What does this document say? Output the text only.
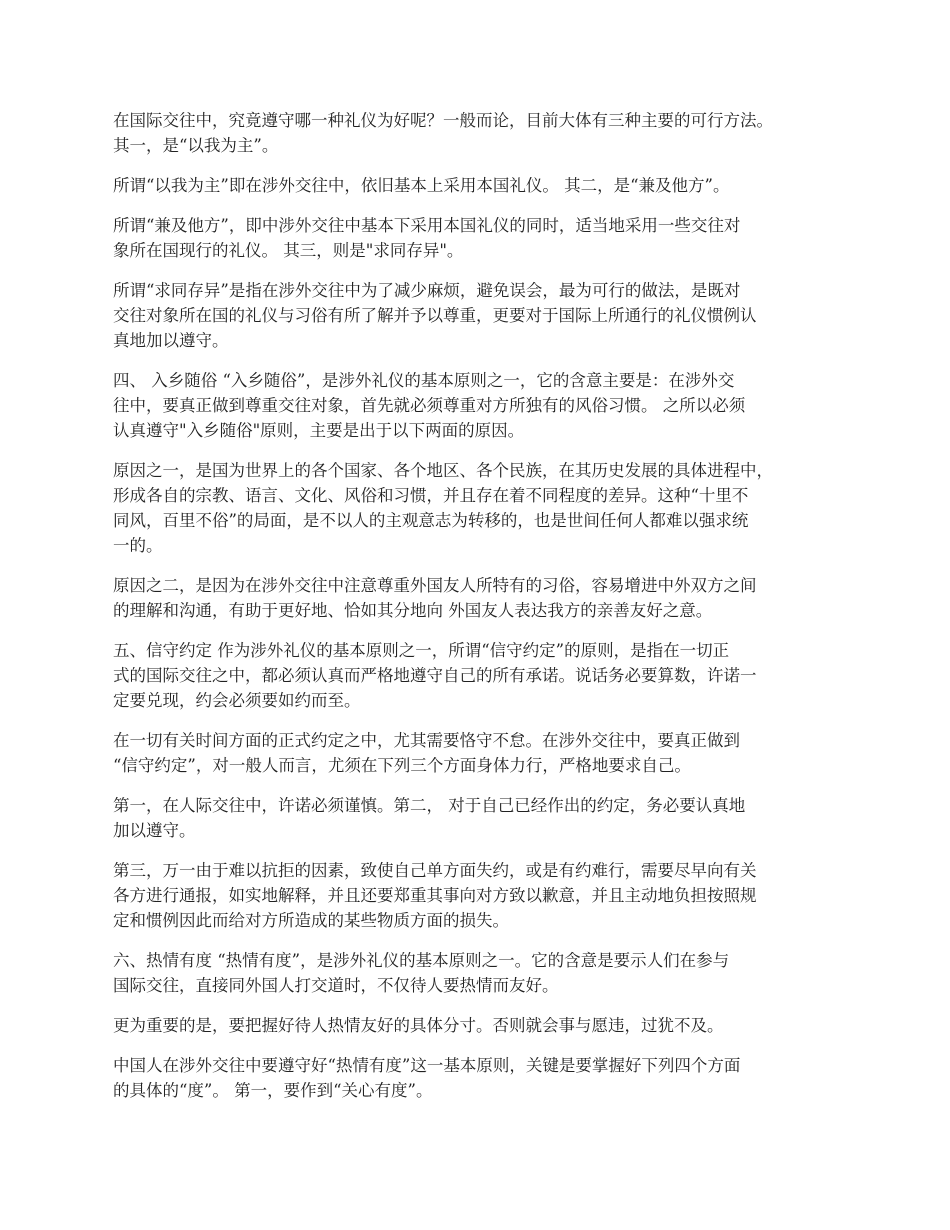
在国际交往中，究竟遵守哪一种礼仪为好呢？一般而论，目前大体有三种主要的可行方法。
其一，是“以我为主”。

所谓“以我为主”即在涉外交往中，依旧基本上采用本国礼仪。 其二，是“兼及他方”。

所谓“兼及他方”，即中涉外交往中基本下采用本国礼仪的同时，适当地采用一些交往对
象所在国现行的礼仪。 其三，则是"求同存异"。

所谓“求同存异”是指在涉外交往中为了减少麻烦，避免误会，最为可行的做法，是既对
交往对象所在国的礼仪与习俗有所了解并予以尊重，更要对于国际上所通行的礼仪惯例认
真地加以遵守。

四、 入乡随俗 “入乡随俗”，是涉外礼仪的基本原则之一，它的含意主要是：在涉外交
往中，要真正做到尊重交往对象，首先就必须尊重对方所独有的风俗习惯。 之所以必须
认真遵守"入乡随俗"原则，主要是出于以下两面的原因。

原因之一，是国为世界上的各个国家、各个地区、各个民族，在其历史发展的具体进程中，
形成各自的宗教、语言、文化、风俗和习惯，并且存在着不同程度的差异。这种“十里不
同风，百里不俗”的局面，是不以人的主观意志为转移的，也是世间任何人都难以强求统
一的。

原因之二，是因为在涉外交往中注意尊重外国友人所特有的习俗，容易增进中外双方之间
的理解和沟通，有助于更好地、恰如其分地向 外国友人表达我方的亲善友好之意。

五、信守约定 作为涉外礼仪的基本原则之一，所谓“信守约定”的原则，是指在一切正
式的国际交往之中，都必须认真而严格地遵守自己的所有承诺。说话务必要算数，许诺一
定要兑现，约会必须要如约而至。

在一切有关时间方面的正式约定之中，尤其需要恪守不怠。在涉外交往中，要真正做到
“信守约定”，对一般人而言，尤须在下列三个方面身体力行，严格地要求自己。

第一，在人际交往中，许诺必须谨慎。第二， 对于自己已经作出的约定，务必要认真地
加以遵守。

第三，万一由于难以抗拒的因素，致使自己单方面失约，或是有约难行，需要尽早向有关
各方进行通报，如实地解释，并且还要郑重其事向对方致以歉意，并且主动地负担按照规
定和惯例因此而给对方所造成的某些物质方面的损失。

六、热情有度 “热情有度”，是涉外礼仪的基本原则之一。它的含意是要示人们在参与
国际交往，直接同外国人打交道时，不仅待人要热情而友好。

更为重要的是，要把握好待人热情友好的具体分寸。否则就会事与愿违，过犹不及。

中国人在涉外交往中要遵守好“热情有度”这一基本原则，关键是要掌握好下列四个方面
的具体的“度”。 第一，要作到“关心有度”。
